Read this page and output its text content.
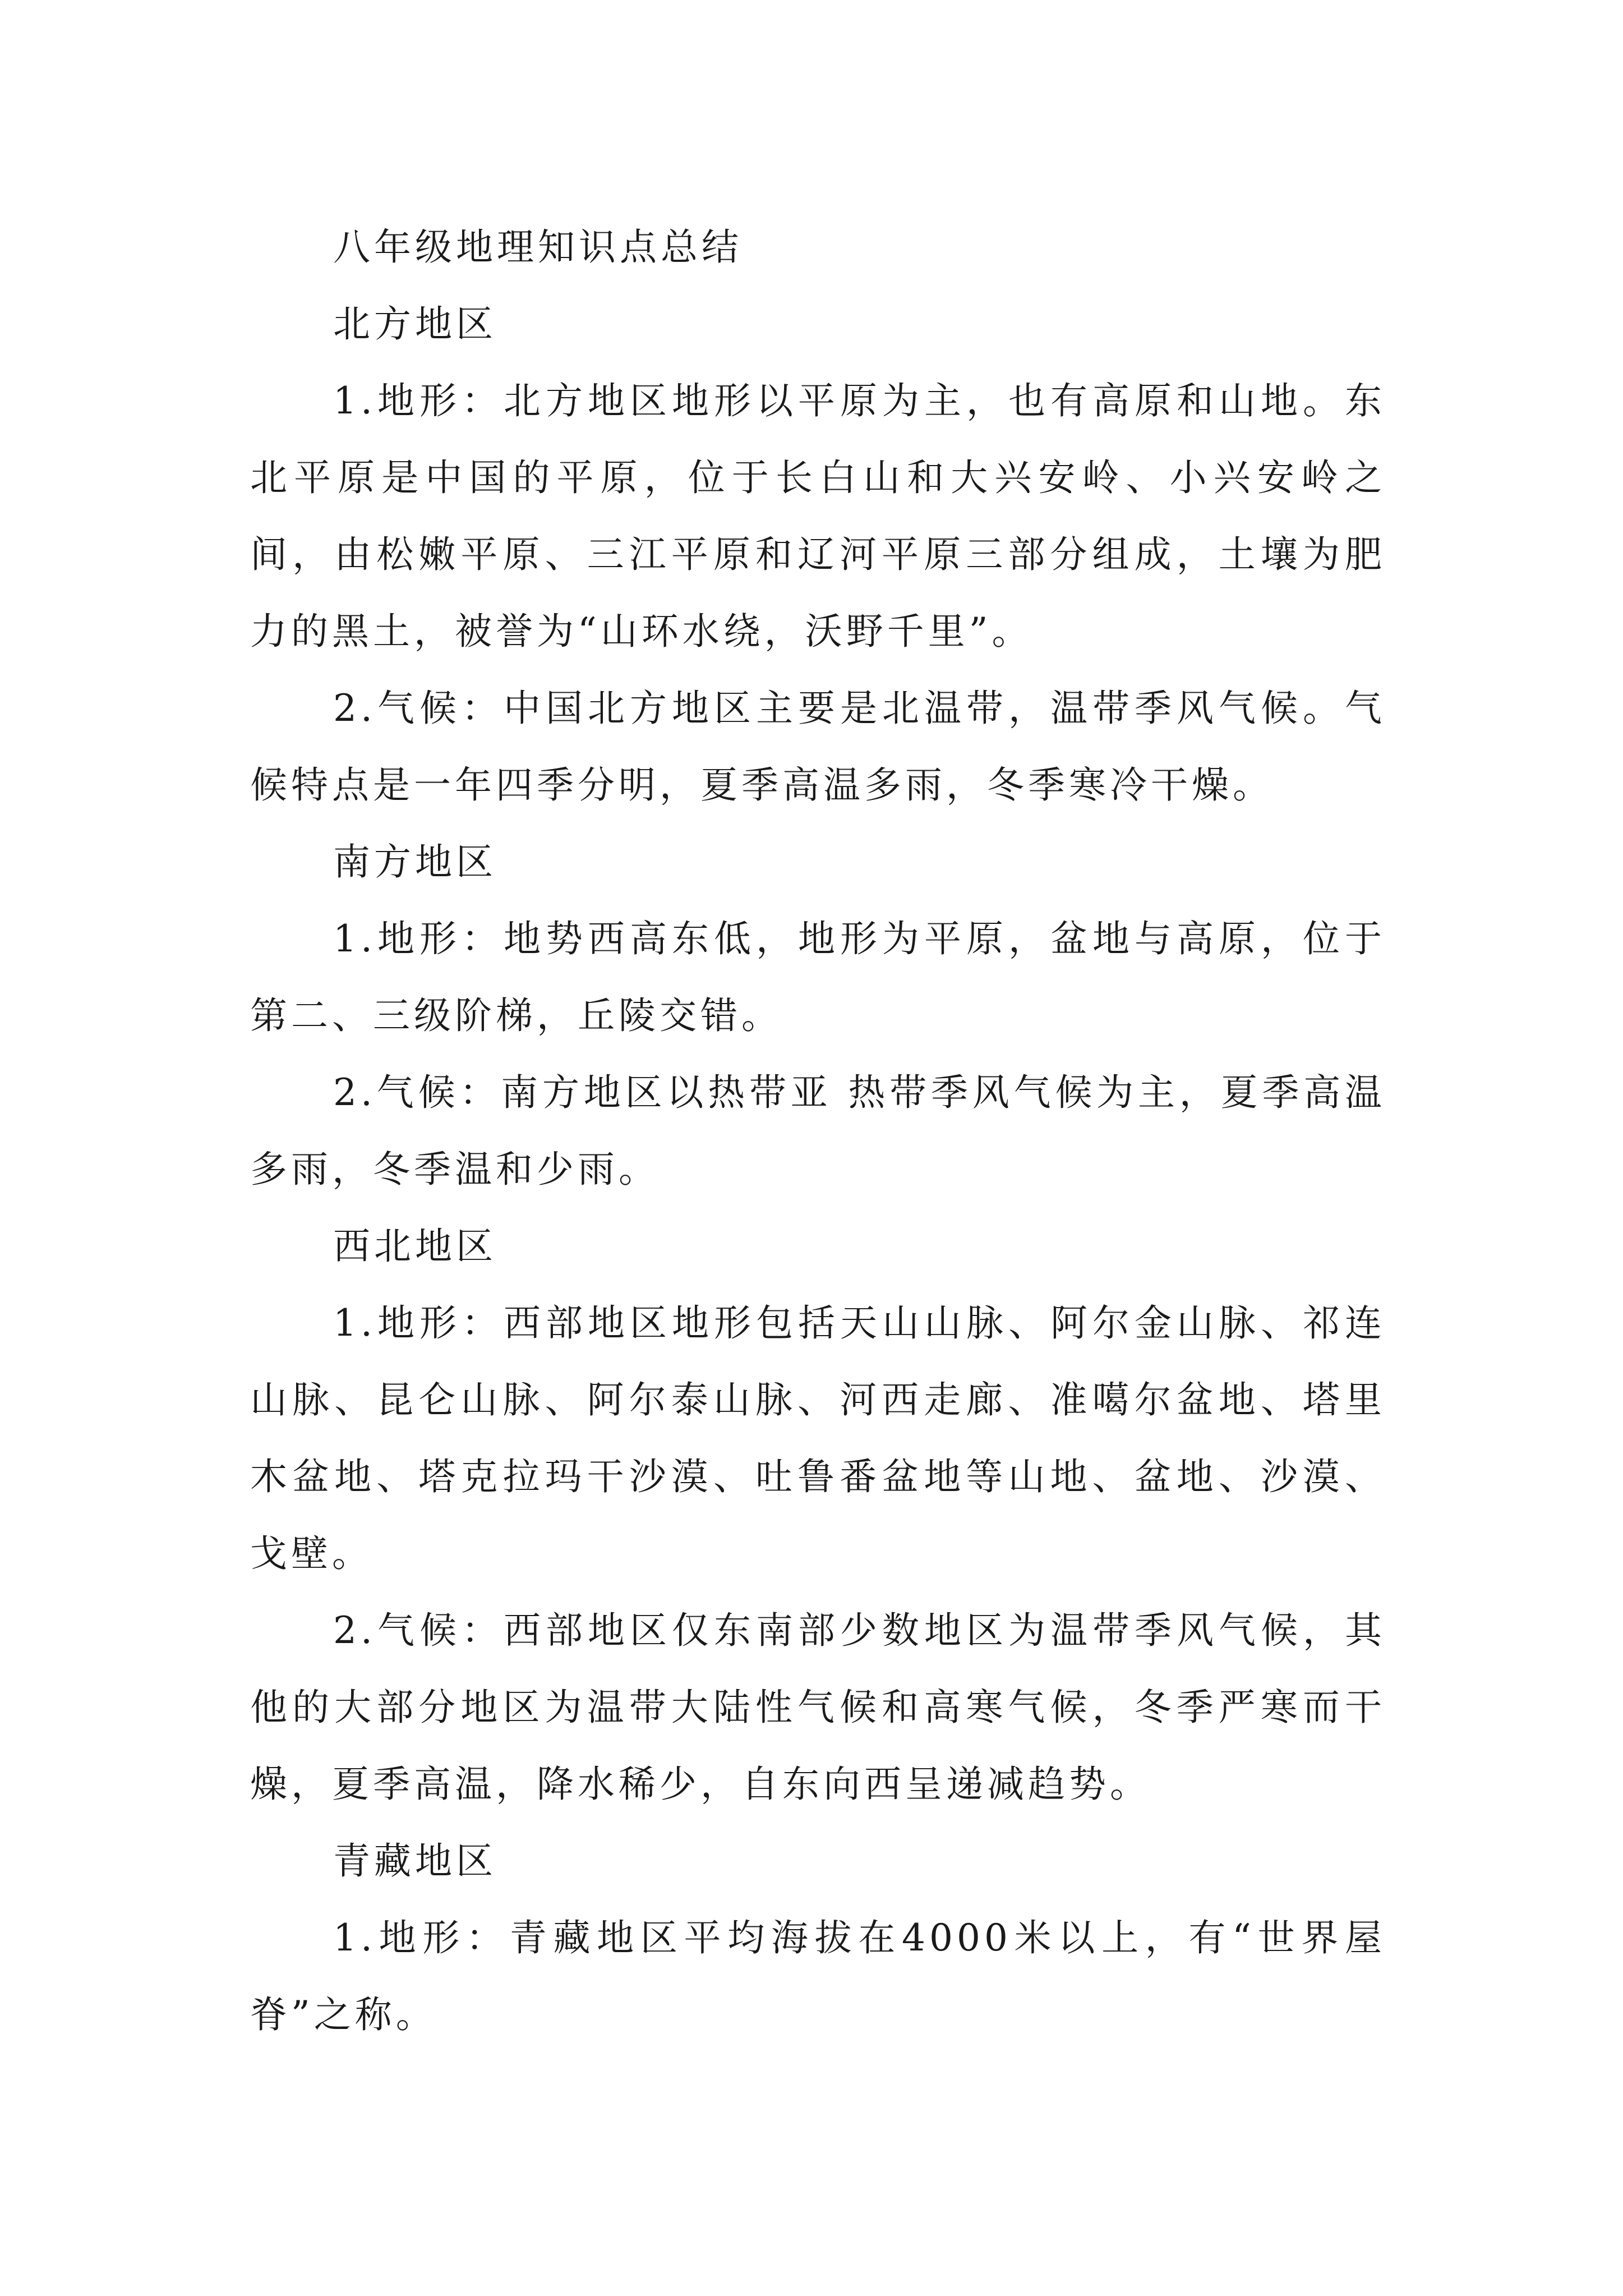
八年级地理知识点总结

北方地区

1.地形：北方地区地形以平原为主，也有高原和山地。东北平原是中国的平原，位于长白山和大兴安岭、小兴安岭之间，由松嫩平原、三江平原和辽河平原三部分组成，土壤为肥力的黑土，被誉为“山环水绕，沃野千里”。

2.气候：中国北方地区主要是北温带，温带季风气候。气候特点是一年四季分明，夏季高温多雨，冬季寒冷干燥。

南方地区

1.地形：地势西高东低，地形为平原，盆地与高原，位于第二、三级阶梯，丘陵交错。

2.气候：南方地区以热带亚 热带季风气候为主，夏季高温多雨，冬季温和少雨。

西北地区

1.地形：西部地区地形包括天山山脉、阿尔金山脉、祁连山脉、昆仑山脉、阿尔泰山脉、河西走廊、准噶尔盆地、塔里木盆地、塔克拉玛干沙漠、吐鲁番盆地等山地、盆地、沙漠、戈壁。

2.气候：西部地区仅东南部少数地区为温带季风气候，其他的大部分地区为温带大陆性气候和高寒气候，冬季严寒而干燥，夏季高温，降水稀少，自东向西呈递减趋势。

青藏地区

1.地形：青藏地区平均海拔在4000米以上，有“世界屋脊”之称。
